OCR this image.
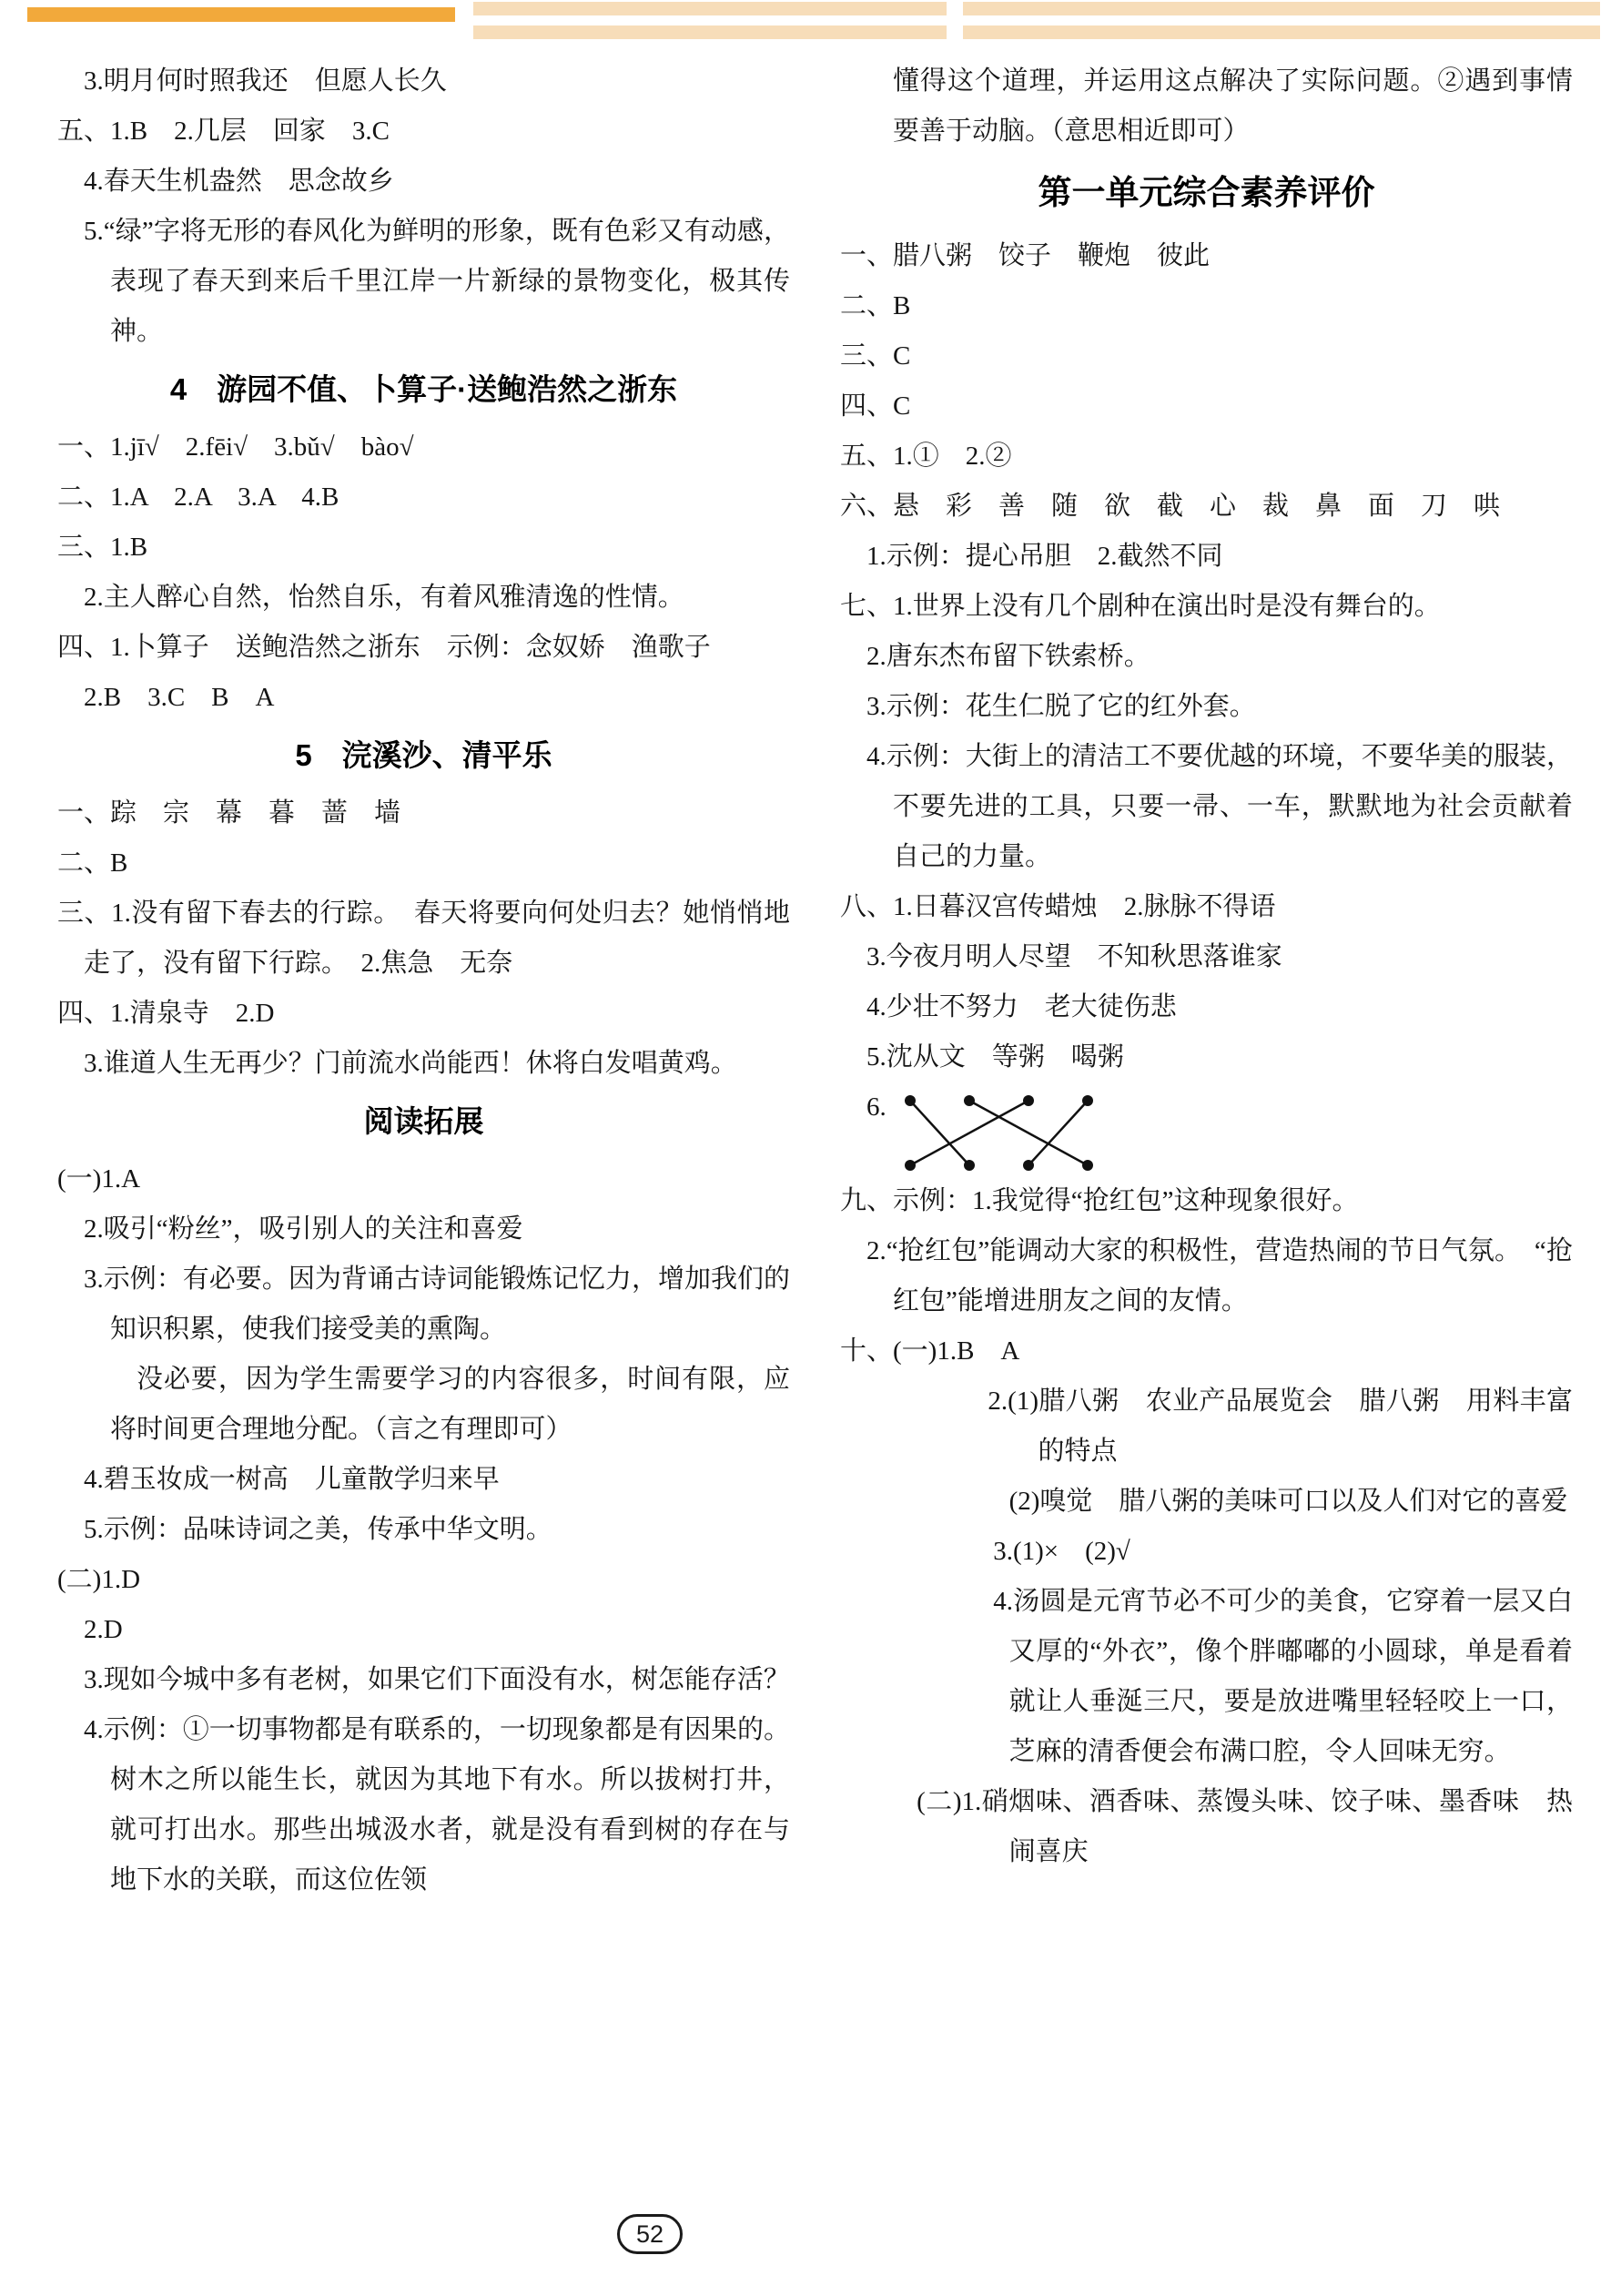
3.明月何时照我还　但愿人长久
五、1.B　2.几层　回家　3.C
4.春天生机盎然　思念故乡
5.“绿”字将无形的春风化为鲜明的形象，既有色彩又有动感，表现了春天到来后千里江岸一片新绿的景物变化，极其传神。
4　游园不值、卜算子·送鲍浩然之浙东
一、1.jī√　2.fēi√　3.bǔ√　bào√
二、1.A　2.A　3.A　4.B
三、1.B
2.主人醉心自然，怡然自乐，有着风雅清逸的性情。
四、1.卜算子　送鲍浩然之浙东　示例：念奴娇　渔歌子
2.B　3.C　B　A
5　浣溪沙、清平乐
一、踪　宗　幕　暮　蔷　墙
二、B
三、1.没有留下春去的行踪。　春天将要向何处归去？她悄悄地走了，没有留下行踪。　2.焦急　无奈
四、1.清泉寺　2.D
3.谁道人生无再少？门前流水尚能西！休将白发唱黄鸡。
阅读拓展
(一)1.A
2.吸引“粉丝”，吸引别人的关注和喜爱
3.示例：有必要。因为背诵古诗词能锻炼记忆力，增加我们的知识积累，使我们接受美的熏陶。
没必要，因为学生需要学习的内容很多，时间有限，应将时间更合理地分配。（言之有理即可）
4.碧玉妆成一树高　儿童散学归来早
5.示例：品味诗词之美，传承中华文明。
(二)1.D
2.D
3.现如今城中多有老树，如果它们下面没有水，树怎能存活？
4.示例：①一切事物都是有联系的，一切现象都是有因果的。树木之所以能生长，就因为其地下有水。所以拔树打井，就可打出水。那些出城汲水者，就是没有看到树的存在与地下水的关联，而这位佐领
懂得这个道理，并运用这点解决了实际问题。②遇到事情要善于动脑。（意思相近即可）
第一单元综合素养评价
一、腊八粥　饺子　鞭炮　彼此
二、B
三、C
四、C
五、1.①　2.②
六、悬　彩　善　随　欲　截　心　裁　鼻　面　刀　哄
1.示例：提心吊胆　2.截然不同
七、1.世界上没有几个剧种在演出时是没有舞台的。
2.唐东杰布留下铁索桥。
3.示例：花生仁脱了它的红外套。
4.示例：大街上的清洁工不要优越的环境，不要华美的服装，不要先进的工具，只要一帚、一车，默默地为社会贡献着自己的力量。
八、1.日暮汉宫传蜡烛　2.脉脉不得语
3.今夜月明人尽望　不知秋思落谁家
4.少壮不努力　老大徒伤悲
5.沈从文　等粥　喝粥
6.
九、示例：1.我觉得“抢红包”这种现象很好。
2.“抢红包”能调动大家的积极性，营造热闹的节日气氛。　“抢红包”能增进朋友之间的友情。
十、(一)1.B　A
2.(1)腊八粥　农业产品展览会　腊八粥　用料丰富的特点
(2)嗅觉　腊八粥的美味可口以及人们对它的喜爱
3.(1)×　(2)√
4.汤圆是元宵节必不可少的美食，它穿着一层又白又厚的“外衣”，像个胖嘟嘟的小圆球，单是看着就让人垂涎三尺，要是放进嘴里轻轻咬上一口，芝麻的清香便会布满口腔，令人回味无穷。
(二)1.硝烟味、酒香味、蒸馒头味、饺子味、墨香味　热闹喜庆
52
